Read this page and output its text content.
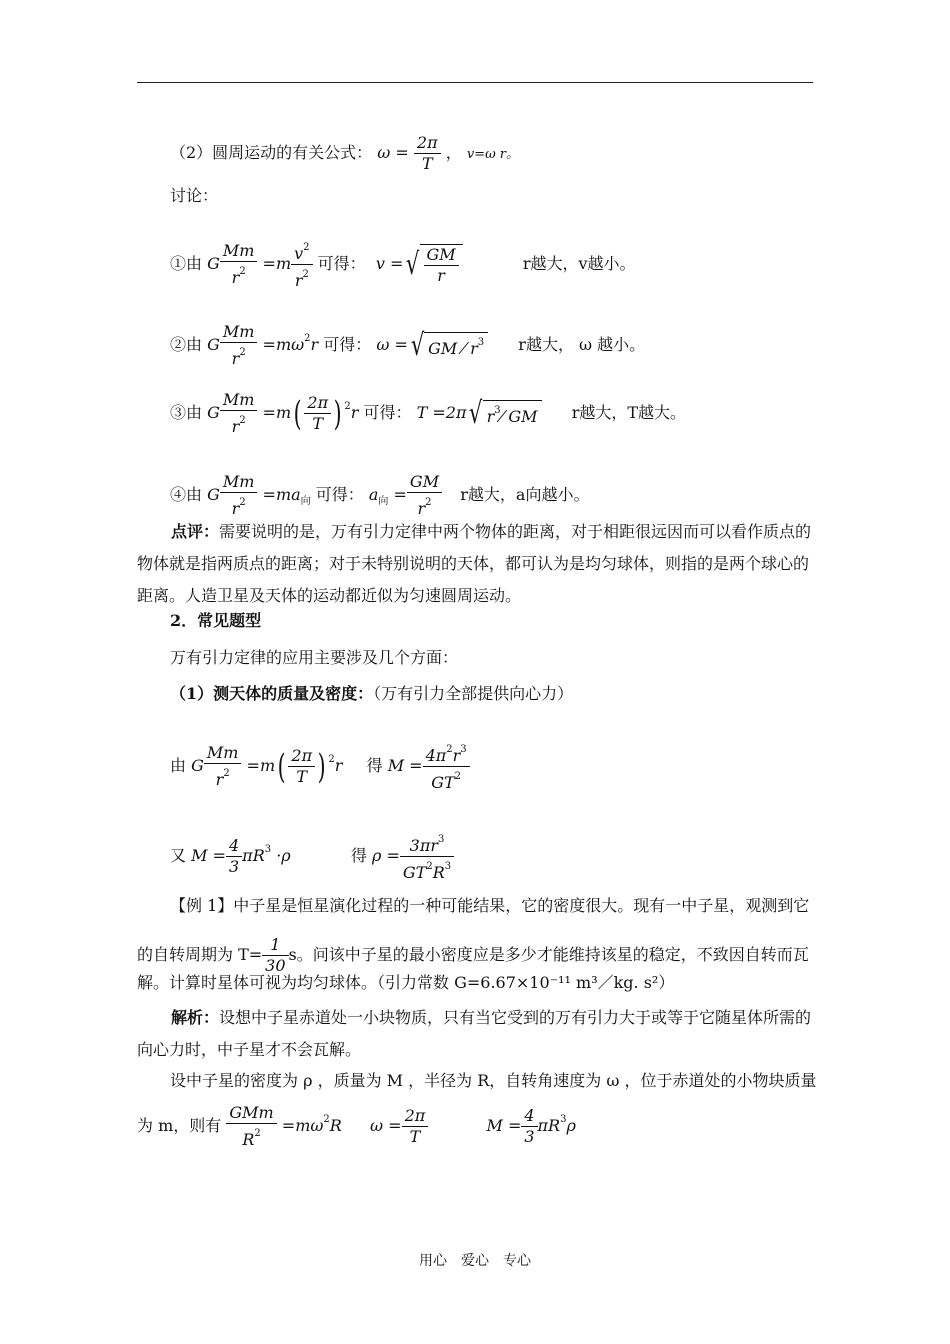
（2）圆周运动的有关公式： $\omega = \frac{2\pi}{T}$ ， v=ω r。
讨论：
①由 G $\frac{Mm}{r^2} =m \frac{v^2}{r^2}$ 可得：  v =√ $\frac{GM}{r}$	r越大，v越小。
②由 G $\frac{Mm}{r^2} =m\omega^2r$ 可得： ω =√ GM ⁄ $r^3$ r越大， ω 越小。
③由 G $\frac{Mm}{r^2} =m( \frac{2\pi}{T}$ ) $^2$r 可得： T =2π√ $r^3⁄$ GM r越大，T越大。
④由 G $\frac{Mm}{r^2} =ma_向$ 可得： $a_向 = \frac{GM}{r^2}$ r越大，a向越小。
点评：需要说明的是，万有引力定律中两个物体的距离，对于相距很远因而可以看作质点的物体就是指两质点的距离；对于未特别说明的天体，都可认为是均匀球体，则指的是两个球心的距离。人造卫星及天体的运动都近似为匀速圆周运动。
2．常见题型
万有引力定律的应用主要涉及几个方面：
（1）测天体的质量及密度：（万有引力全部提供向心力）
由 G $\frac{Mm}{r^2} =m( \frac{2\pi}{T}$ ) $^2$r 得 $M = \frac{4\pi^2r^3}{GT^2}$
又 $M = \frac{4}{3} \pi R^3 \cdot\rho$	得 $\rho = \frac{3\pi r^3}{GT^2R^3}$
【例 1】中子星是恒星演化过程的一种可能结果，它的密度很大。现有一中子星，观测到它
的自转周期为 $T= \frac{1}{30}$ s。问该中子星的最小密度应是多少才能维持该星的稳定，不致因自转而瓦
解。计算时星体可视为均匀球体。（引力常数 G=6.67×10⁻¹¹ m³／kg. s²）
解析：设想中子星赤道处一小块物质，只有当它受到的万有引力大于或等于它随星体所需的向心力时，中子星才不会瓦解。
设中子星的密度为 ρ ，质量为 M ，半径为 R，自转角速度为 ω ，位于赤道处的小物块质量
为 m，则有 $\frac{\text{GMm}}{R^2} =m\omega^2R$ $\omega = \frac{2\pi}{T}$	$M = \frac{4}{3} \pi R^3\rho$
用心　爱心　专心
